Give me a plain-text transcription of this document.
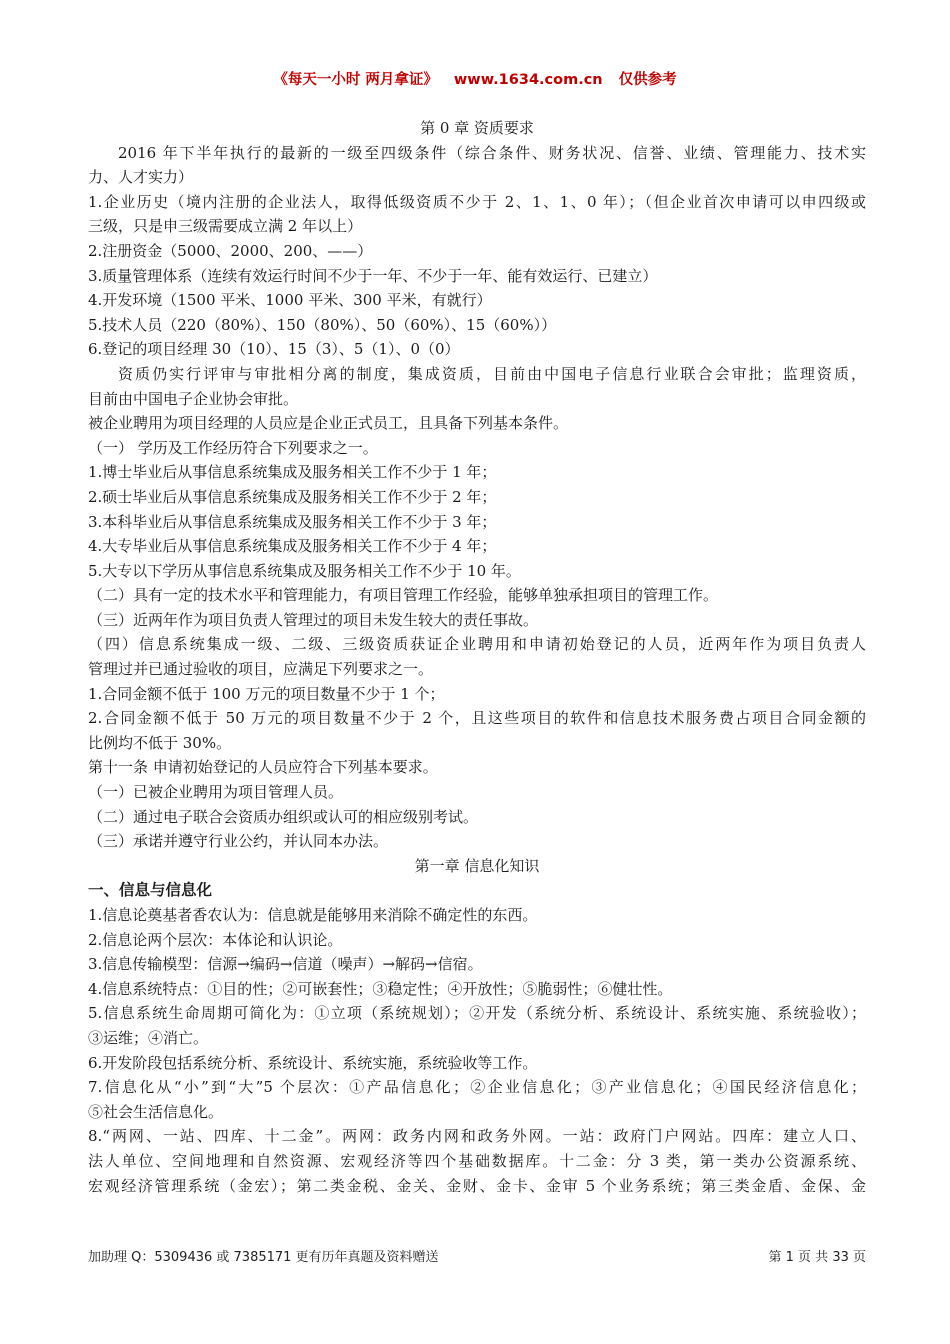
《每天一小时 两月拿证》 www.1634.com.cn 仅供参考
第 0 章 资质要求
2016 年下半年执行的最新的一级至四级条件（综合条件、财务状况、信誉、业绩、管理能力、技术实
力、人才实力）
1.企业历史（境内注册的企业法人，取得低级资质不少于 2、1、1、0 年）；（但企业首次申请可以申四级或
三级，只是申三级需要成立满 2 年以上）
2.注册资金（5000、2000、200、——）
3.质量管理体系（连续有效运行时间不少于一年、不少于一年、能有效运行、已建立）
4.开发环境（1500 平米、1000 平米、300 平米，有就行）
5.技术人员（220（80%）、150（80%）、50（60%）、15（60%））
6.登记的项目经理 30（10）、15（3）、5（1）、0（0）
资质仍实行评审与审批相分离的制度，集成资质，目前由中国电子信息行业联合会审批；监理资质，
目前由中国电子企业协会审批。
被企业聘用为项目经理的人员应是企业正式员工，且具备下列基本条件。
（一） 学历及工作经历符合下列要求之一。
1.博士毕业后从事信息系统集成及服务相关工作不少于 1 年；
2.硕士毕业后从事信息系统集成及服务相关工作不少于 2 年；
3.本科毕业后从事信息系统集成及服务相关工作不少于 3 年；
4.大专毕业后从事信息系统集成及服务相关工作不少于 4 年；
5.大专以下学历从事信息系统集成及服务相关工作不少于 10 年。
（二）具有一定的技术水平和管理能力，有项目管理工作经验，能够单独承担项目的管理工作。
（三）近两年作为项目负责人管理过的项目未发生较大的责任事故。
（四）信息系统集成一级、二级、三级资质获证企业聘用和申请初始登记的人员，近两年作为项目负责人
管理过并已通过验收的项目，应满足下列要求之一。
1.合同金额不低于 100 万元的项目数量不少于 1 个；
2.合同金额不低于 50 万元的项目数量不少于 2 个，且这些项目的软件和信息技术服务费占项目合同金额的
比例均不低于 30%。
第十一条 申请初始登记的人员应符合下列基本要求。
（一）已被企业聘用为项目管理人员。
（二）通过电子联合会资质办组织或认可的相应级别考试。
（三）承诺并遵守行业公约，并认同本办法。
第一章 信息化知识
一、信息与信息化
1.信息论奠基者香农认为：信息就是能够用来消除不确定性的东西。
2.信息论两个层次：本体论和认识论。
3.信息传输模型：信源→编码→信道（噪声）→解码→信宿。
4.信息系统特点：①目的性；②可嵌套性；③稳定性；④开放性；⑤脆弱性；⑥健壮性。
5.信息系统生命周期可简化为：①立项（系统规划）；②开发（系统分析、系统设计、系统实施、系统验收）；
③运维；④消亡。
6.开发阶段包括系统分析、系统设计、系统实施，系统验收等工作。
7.信息化从“小”到“大”5 个层次：①产品信息化；②企业信息化；③产业信息化；④国民经济信息化；
⑤社会生活信息化。
8.“两网、一站、四库、十二金”。两网：政务内网和政务外网。一站：政府门户网站。四库：建立人口、
法人单位、空间地理和自然资源、宏观经济等四个基础数据库。十二金：分 3 类，第一类办公资源系统、
宏观经济管理系统（金宏）；第二类金税、金关、金财、金卡、金审 5 个业务系统；第三类金盾、金保、金
加助理 Q：5309436 或 7385171 更有历年真题及资料赠送	第 1 页 共 33 页
